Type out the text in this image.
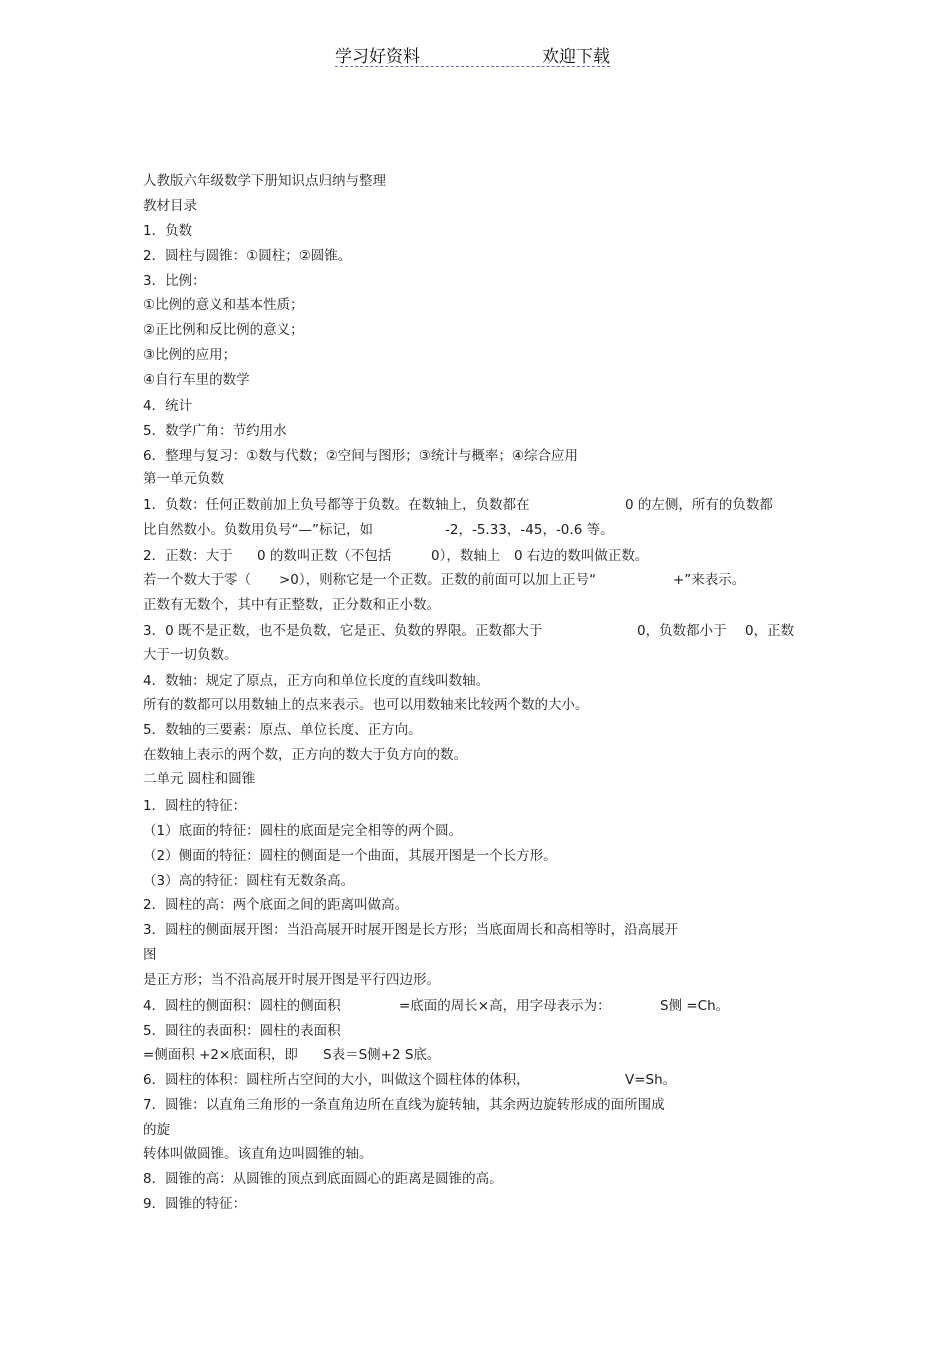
学习好资料	欢迎下载
人教版六年级数学下册知识点归纳与整理
教材目录
1．负数
2．圆柱与圆锥：①圆柱；②圆锥。
3．比例：
①比例的意义和基本性质；
②正比例和反比例的意义；
③比例的应用；
④自行车里的数学
4．统计
5．数学广角：节约用水
6．整理与复习：①数与代数；②空间与图形；③统计与概率；④综合应用
第一单元负数
1．负数：任何正数前加上负号都等于负数。在数轴上，负数都在	0 的左侧，所有的负数都
比自然数小。负数用负号“—”标记，如	-2，-5.33，-45，-0.6 等。
2．正数：大于 0 的数叫正数（不包括	0），数轴上 0 右边的数叫做正数。
若一个数大于零（ >0），则称它是一个正数。正数的前面可以加上正号“	+”来表示。
正数有无数个，其中有正整数，正分数和正小数。
3．0 既不是正数，也不是负数，它是正、负数的界限。正数都大于	0，负数都小于 0，正数
大于一切负数。
4．数轴：规定了原点，正方向和单位长度的直线叫数轴。
所有的数都可以用数轴上的点来表示。也可以用数轴来比较两个数的大小。
5．数轴的三要素：原点、单位长度、正方向。
在数轴上表示的两个数，正方向的数大于负方向的数。
二单元 圆柱和圆锥
1．圆柱的特征：
（1）底面的特征：圆柱的底面是完全相等的两个圆。
（2）侧面的特征：圆柱的侧面是一个曲面，其展开图是一个长方形。
（3）高的特征：圆柱有无数条高。
2．圆柱的高：两个底面之间的距离叫做高。
3．圆柱的侧面展开图：当沿高展开时展开图是长方形；当底面周长和高相等时，沿高展开
图
是正方形；当不沿高展开时展开图是平行四边形。
4．圆柱的侧面积：圆柱的侧面积	=底面的周长×高，用字母表示为：	S侧 =Ch。
5．圆往的表面积：圆柱的表面积
=侧面积 +2×底面积，即 S表＝S侧+2 S底。
6．圆柱的体积：圆柱所占空间的大小，叫做这个圆柱体的体积，	V=Sh。
7．圆锥：以直角三角形的一条直角边所在直线为旋转轴，其余两边旋转形成的面所围成
的旋
转体叫做圆锥。该直角边叫圆锥的轴。
8．圆锥的高：从圆锥的顶点到底面圆心的距离是圆锥的高。
9．圆锥的特征：
